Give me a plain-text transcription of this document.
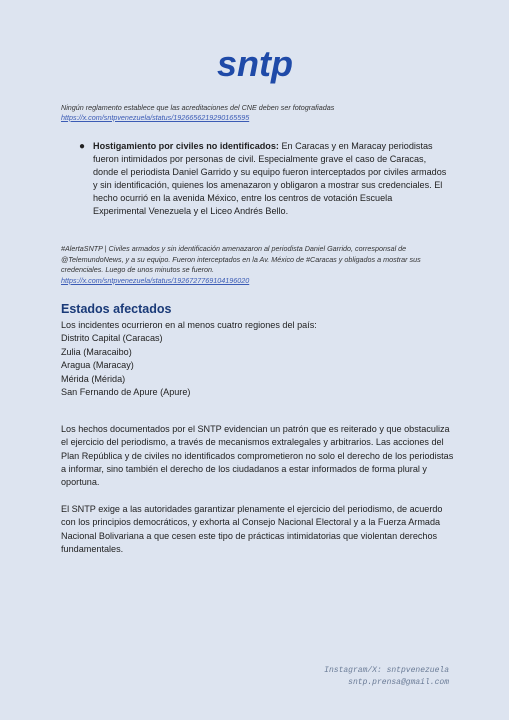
sntp
Ningún reglamento establece que las acreditaciones del CNE deben ser fotografiadas
https://x.com/sntpvenezuela/status/1926656219290165595
● Hostigamiento por civiles no identificados: En Caracas y en Maracay periodistas fueron intimidados por personas de civil. Especialmente grave el caso de Caracas, donde el periodista Daniel Garrido y su equipo fueron interceptados por civiles armados y sin identificación, quienes los amenazaron y obligaron a mostrar sus credenciales. El hecho ocurrió en la avenida México, entre los centros de votación Escuela Experimental Venezuela y el Liceo Andrés Bello.
#AlertaSNTP | Civiles armados y sin identificación amenazaron al periodista Daniel Garrido, corresponsal de @TelemundoNews, y a su equipo. Fueron interceptados en la Av. México de #Caracas y obligados a mostrar sus credenciales. Luego de unos minutos se fueron.
https://x.com/sntpvenezuela/status/1926727769104196020
Estados afectados
Los incidentes ocurrieron en al menos cuatro regiones del país:
Distrito Capital (Caracas)
Zulia (Maracaibo)
Aragua (Maracay)
Mérida (Mérida)
San Fernando de Apure (Apure)
Los hechos documentados por el SNTP evidencian un patrón que es reiterado y que obstaculiza el ejercicio del periodismo, a través de mecanismos extralegales y arbitrarios. Las acciones del Plan República y de civiles no identificados comprometieron no solo el derecho de los periodistas a informar, sino también el derecho de los ciudadanos a estar informados de forma plural y oportuna.
El SNTP exige a las autoridades garantizar plenamente el ejercicio del periodismo, de acuerdo con los principios democráticos, y exhorta al Consejo Nacional Electoral y a la Fuerza Armada Nacional Bolivariana a que cesen este tipo de prácticas intimidatorias que violentan derechos fundamentales.
Instagram/X: sntpvenezuela
sntp.prensa@gmail.com
